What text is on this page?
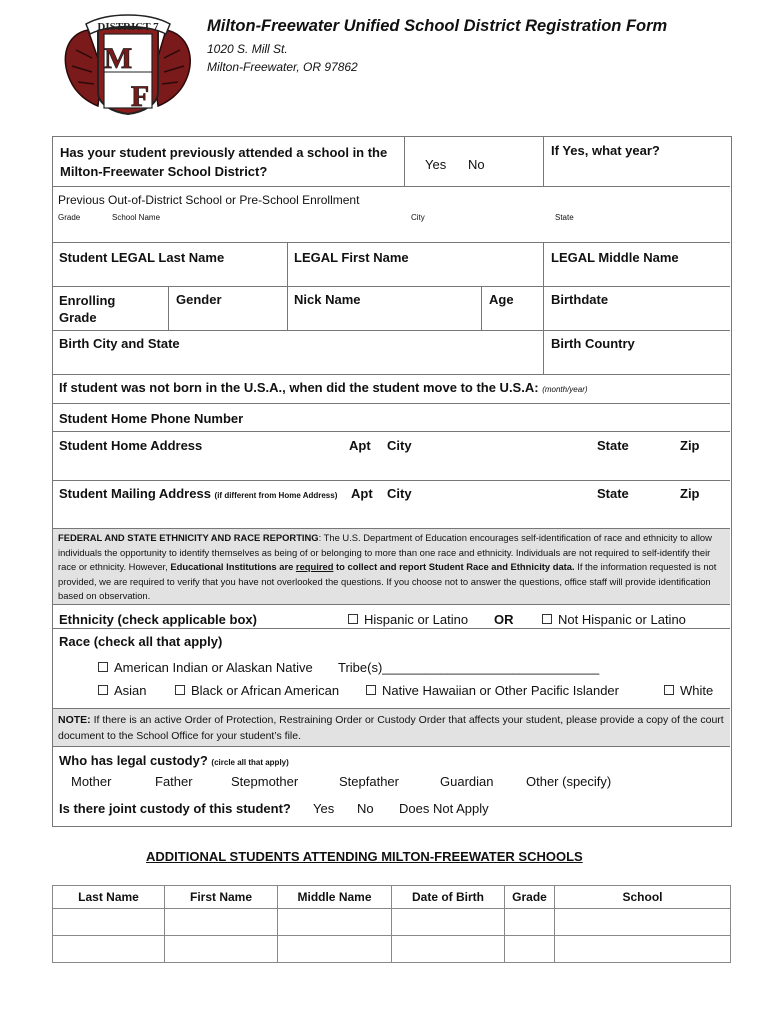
DISTRICT 7
M
F
Milton-Freewater Unified School District Registration Form
1020 S. Mill St.
Milton-Freewater, OR 97862
Has your student previously attended a school in the
Milton-Freewater School District?	Yes No
If Yes, what year?
Previous Out-of-District School or Pre-School Enrollment
Grade	School Name	City	State
Student LEGAL Last Name	LEGAL First Name	LEGAL Middle Name
Enrolling
Grade
Gender	Nick Name	Age	Birthdate
Birth City and State	Birth Country
If student was not born in the U.S.A., when did the student move to the U.S.A: (month/year)
Student Home Phone Number
Student Home Address	Apt City	State	Zip
Student Mailing Address (if different from Home Address) Apt City	State	Zip
FEDERAL AND STATE ETHNICITY AND RACE REPORTING: The U.S. Department of Education encourages self-identification of race and ethnicity to allow individuals the opportunity to identify themselves as being of or belonging to more than one race and ethnicity. Individuals are not required to self-identify their race or ethnicity. However, Educational Institutions are required to collect and report Student Race and Ethnicity data. If the information requested is not provided, we are required to verify that you have not overlooked the questions. If you choose not to answer the questions, office staff will provide identification based on observation.
Ethnicity (check applicable box)	Hispanic or Latino OR	Not Hispanic or Latino
Race (check all that apply)
American Indian or Alaskan Native Tribe(s)______________________________
Asian	Black or African American	Native Hawaiian or Other Pacific Islander	White
NOTE: If there is an active Order of Protection, Restraining Order or Custody Order that affects your student, please provide a copy of the court document to the School Office for your student’s file.
Who has legal custody? (circle all that apply)
Mother	Father	Stepmother	Stepfather	Guardian	Other (specify)
Is there joint custody of this student? Yes No Does Not Apply
ADDITIONAL STUDENTS ATTENDING MILTON-FREEWATER SCHOOLS
Last Name	First Name	Middle Name	Date of Birth	Grade	School
